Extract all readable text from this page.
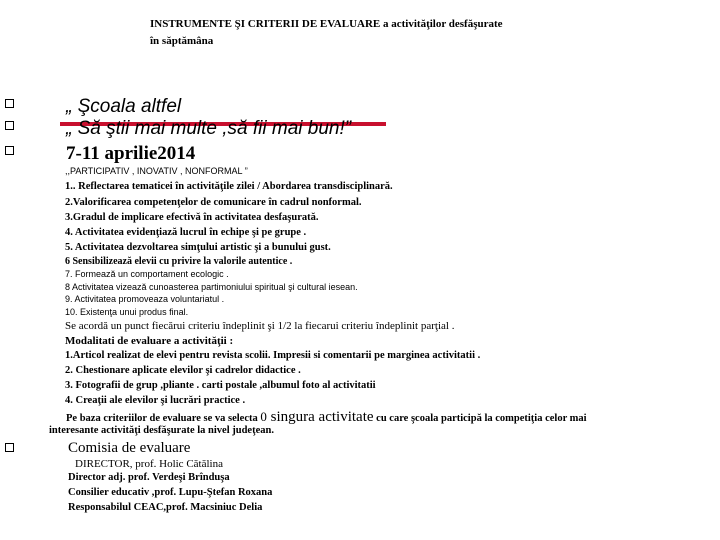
INSTRUMENTE ŞI CRITERII DE EVALUARE a activităţilor desfăşurate
în săptămâna
„ Şcoala altfel
„ Să ştii mai multe ,să fii mai bun!”
7-11 aprilie2014
,,PARTICIPATIV , INOVATIV , NONFORMAL ”
1.. Reflectarea tematicei în activităţile zilei / Abordarea transdisciplinară.
2.Valorificarea competenţelor de comunicare în cadrul nonformal.
3.Gradul de implicare efectivă în activitatea desfaşurată.
4. Activitatea evidenţiază lucrul în echipe şi pe grupe .
5. Activitatea dezvoltarea simţului artistic şi a bunului gust.
6 Sensibilizează elevii cu privire la valorile autentice .
7. Formează un comportament ecologic .
8 Activitatea vizează cunoasterea partimoniului spiritual şi cultural iesean.
9. Activitatea promoveaza voluntariatul .
10. Existenţa unui produs final.
Se acordă un punct fiecărui criteriu îndeplinit şi 1/2 la fiecarui criteriu îndeplinit parţial .
Modalitati de evaluare a activităţii :
1.Articol realizat de elevi pentru revista scolii. Impresii si comentarii pe marginea activitatii .
2. Chestionare aplicate elevilor şi cadrelor didactice .
3. Fotografii de grup ,pliante . carti postale ,albumul foto al activitatii
4. Creaţii ale elevilor şi lucrări practice .
Pe baza criteriilor de evaluare se va selecta 0 singura activitate cu care şcoala participă la competiţia celor mai
interesante activităţi desfăşurate la nivel judeţean.
Comisia de evaluare
DIRECTOR, prof. Holic Cătălina
Director adj. prof. Verdeşi Brînduşa
Consilier educativ ,prof. Lupu-Ştefan Roxana
Responsabilul CEAC,prof. Macsiniuc Delia
